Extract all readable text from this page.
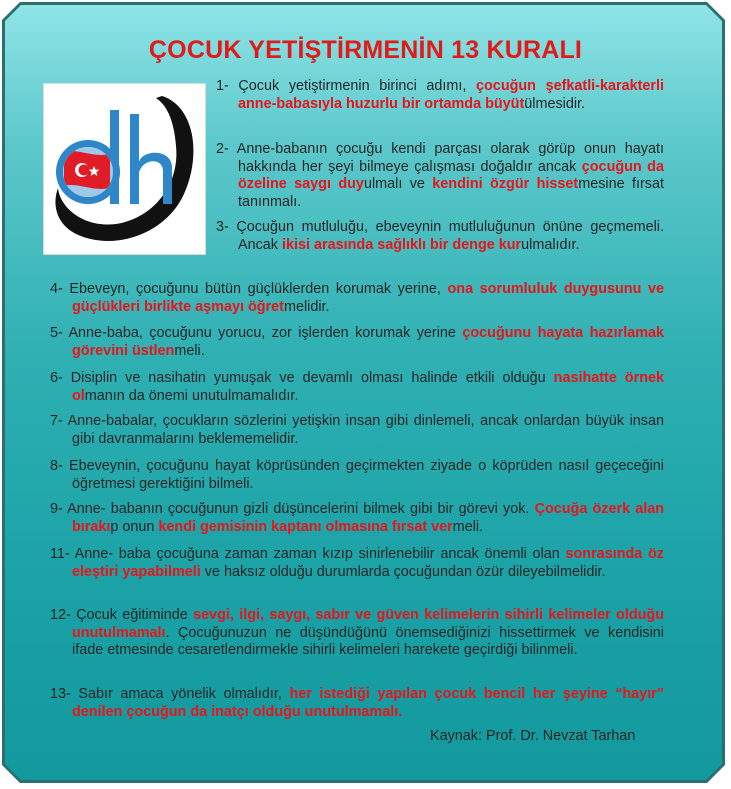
ÇOCUK YETİŞTİRMENİN 13 KURALI
1- Çocuk yetiştirmenin birinci adımı, çocuğun şefkatli-karakterli anne-babasıyla huzurlu bir ortamda büyütülmesidir.
2- Anne-babanın çocuğu kendi parçası olarak görüp onun hayatı hakkında her şeyi bilmeye çalışması doğaldır ancak çocuğun da özeline saygı duyulmalı ve kendini özgür hissetmesine fırsat tanınmalı.
3- Çocuğun mutluluğu, ebeveynin mutluluğunun önüne geçmemeli. Ancak ikisi arasında sağlıklı bir denge kurulmalıdır.
4- Ebeveyn, çocuğunu bütün güçlüklerden korumak yerine, ona sorumluluk duygusunu ve güçlükleri birlikte aşmayı öğretmelidir.
5- Anne-baba, çocuğunu yorucu, zor işlerden korumak yerine çocuğunu hayata hazırlamak görevini üstlenmeli.
6- Disiplin ve nasihatin yumuşak ve devamlı olması halinde etkili olduğu nasihatte örnek olmanın da önemi unutulmamalıdır.
7- Anne-babalar, çocukların sözlerini yetişkin insan gibi dinlemeli, ancak onlardan büyük insan gibi davranmalarını beklememelidir.
8- Ebeveynin, çocuğunu hayat köprüsünden geçirmekten ziyade o köprüden nasıl geçeceğini öğretmesi gerektiğini bilmeli.
9- Anne- babanın çocuğunun gizli düşüncelerini bilmek gibi bir görevi yok. Çocuğa özerk alan bırakıp onun kendi gemisinin kaptanı olmasına fırsat vermeli.
11- Anne- baba çocuğuna zaman zaman kızıp sinirlenebilir ancak önemli olan sonrasında öz eleştiri yapabilmeli ve haksız olduğu durumlarda çocuğundan özür dileyebilmelidir.
12- Çocuk eğitiminde sevgi, ilgi, saygı, sabır ve güven kelimelerin sihirli kelimeler olduğu unutulmamalı. Çocuğunuzun ne düşündüğünü önemsediğinizi hissettirmek ve kendisini ifade etmesinde cesaretlendirmekle sihirli kelimeleri harekete geçirdiği bilinmeli.
13- Sabır amaca yönelik olmalıdır, her istediği yapılan çocuk bencil her şeyine “hayır” denilen çocuğun da inatçı olduğu unutulmamalı.
Kaynak: Prof. Dr. Nevzat Tarhan
